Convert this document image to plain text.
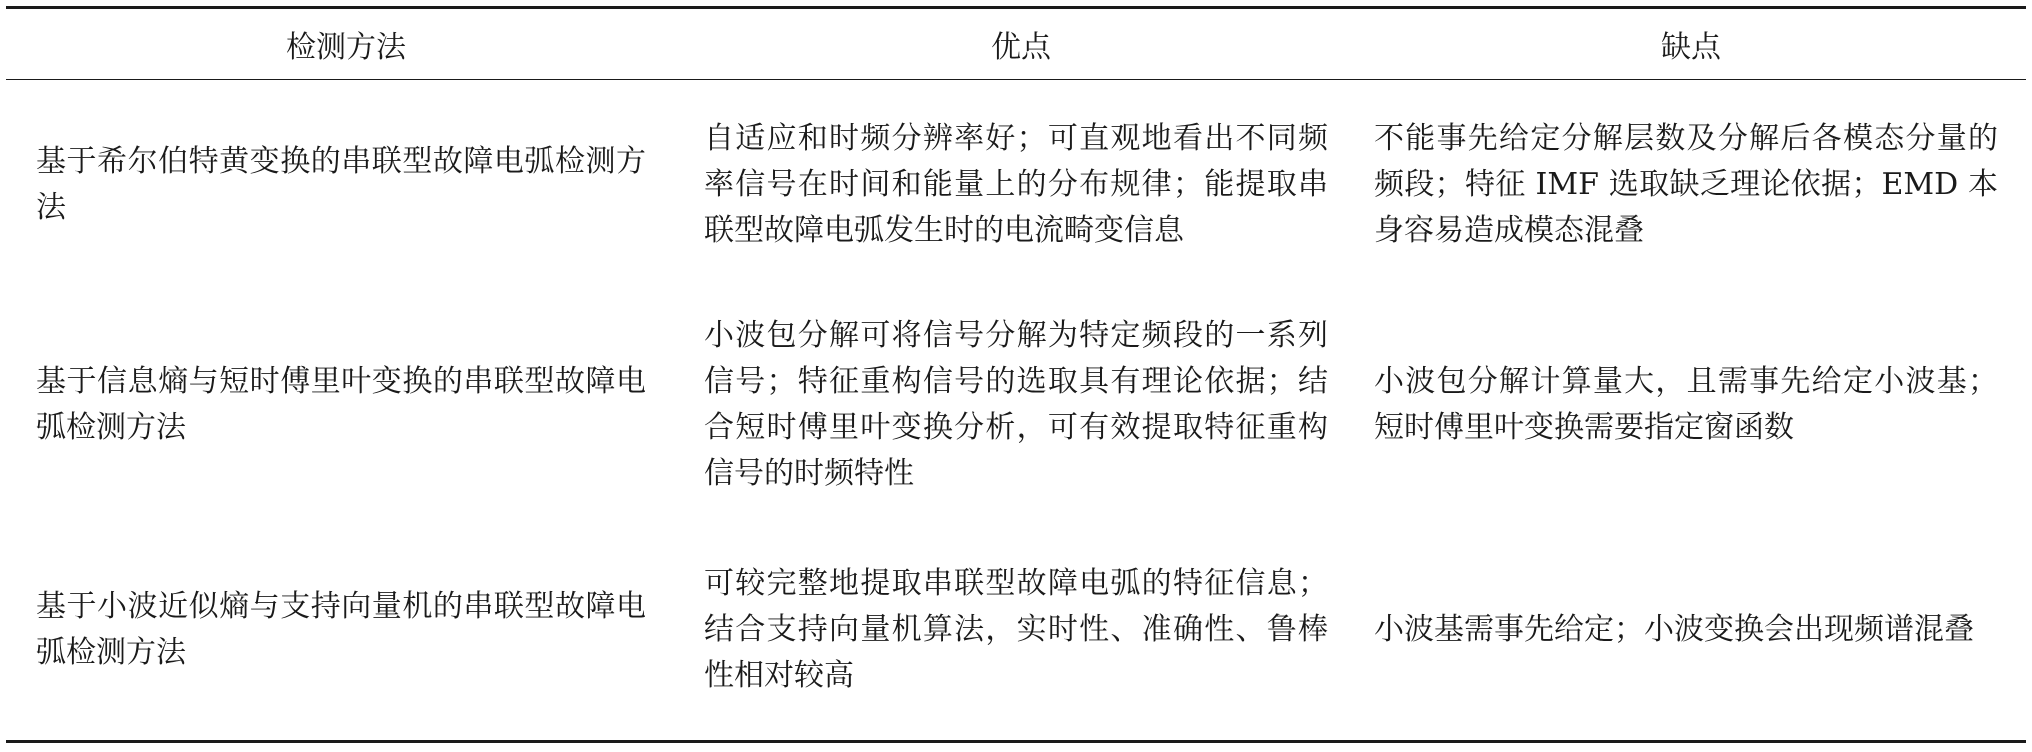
检测方法	优点	缺点

基于希尔伯特黄变换的串联型故障电弧检测方法	自适应和时频分辨率好；可直观地看出不同频率信号在时间和能量上的分布规律；能提取串联型故障电弧发生时的电流畸变信息	不能事先给定分解层数及分解后各模态分量的频段；特征 IMF 选取缺乏理论依据；EMD 本身容易造成模态混叠

基于信息熵与短时傅里叶变换的串联型故障电弧检测方法	小波包分解可将信号分解为特定频段的一系列信号；特征重构信号的选取具有理论依据；结合短时傅里叶变换分析，可有效提取特征重构信号的时频特性	小波包分解计算量大，且需事先给定小波基；短时傅里叶变换需要指定窗函数

基于小波近似熵与支持向量机的串联型故障电弧检测方法	可较完整地提取串联型故障电弧的特征信息；结合支持向量机算法，实时性、准确性、鲁棒性相对较高	小波基需事先给定；小波变换会出现频谱混叠
